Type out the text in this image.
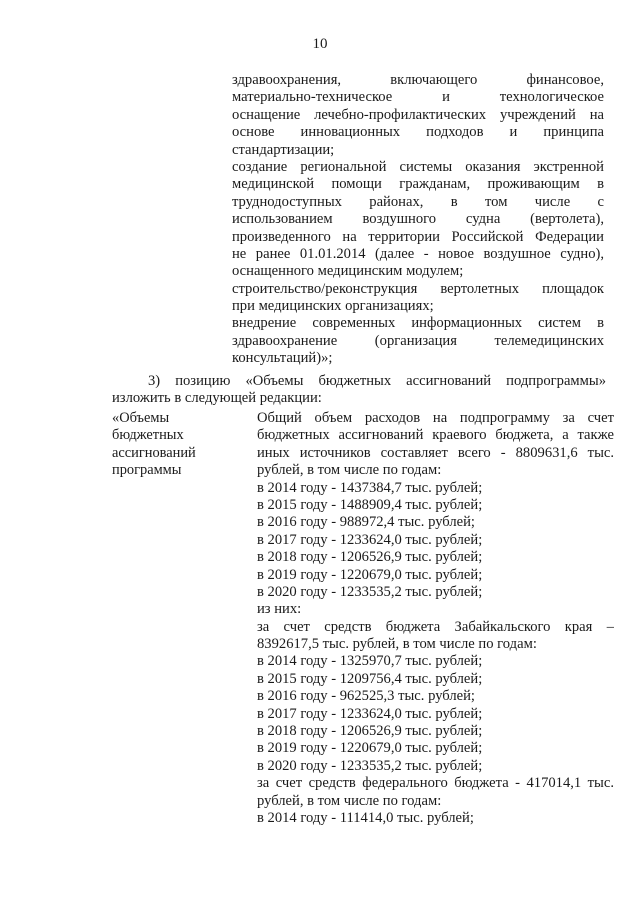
10
здравоохранения, включающего финансовое,
материально-техническое и технологическое
оснащение лечебно-профилактических учреждений на
основе инновационных подходов и принципа
стандартизации;
создание региональной системы оказания экстренной
медицинской помощи гражданам, проживающим в
труднодоступных районах, в том числе с
использованием воздушного судна (вертолета),
произведенного на территории Российской Федерации
не ранее 01.01.2014 (далее - новое воздушное судно),
оснащенного медицинским модулем;
строительство/реконструкция вертолетных площадок
при медицинских организациях;
внедрение современных информационных систем в
здравоохранение (организация телемедицинских
консультаций)»;
3) позицию «Объемы бюджетных ассигнований подпрограммы»
изложить в следующей редакции:
«Объемы
бюджетных
ассигнований
программы
Общий объем расходов на подпрограмму за счет
бюджетных ассигнований краевого бюджета, а также
иных источников составляет всего - 8809631,6 тыс.
рублей, в том числе по годам:
в 2014 году - 1437384,7 тыс. рублей;
в 2015 году - 1488909,4 тыс. рублей;
в 2016 году - 988972,4 тыс. рублей;
в 2017 году - 1233624,0 тыс. рублей;
в 2018 году - 1206526,9 тыс. рублей;
в 2019 году - 1220679,0 тыс. рублей;
в 2020 году - 1233535,2 тыс. рублей;
из них:
за счет средств бюджета Забайкальского края –
8392617,5 тыс. рублей, в том числе по годам:
в 2014 году - 1325970,7 тыс. рублей;
в 2015 году - 1209756,4 тыс. рублей;
в 2016 году - 962525,3 тыс. рублей;
в 2017 году - 1233624,0 тыс. рублей;
в 2018 году - 1206526,9 тыс. рублей;
в 2019 году - 1220679,0 тыс. рублей;
в 2020 году - 1233535,2 тыс. рублей;
за счет средств федерального бюджета - 417014,1 тыс.
рублей, в том числе по годам:
в 2014 году - 111414,0 тыс. рублей;
